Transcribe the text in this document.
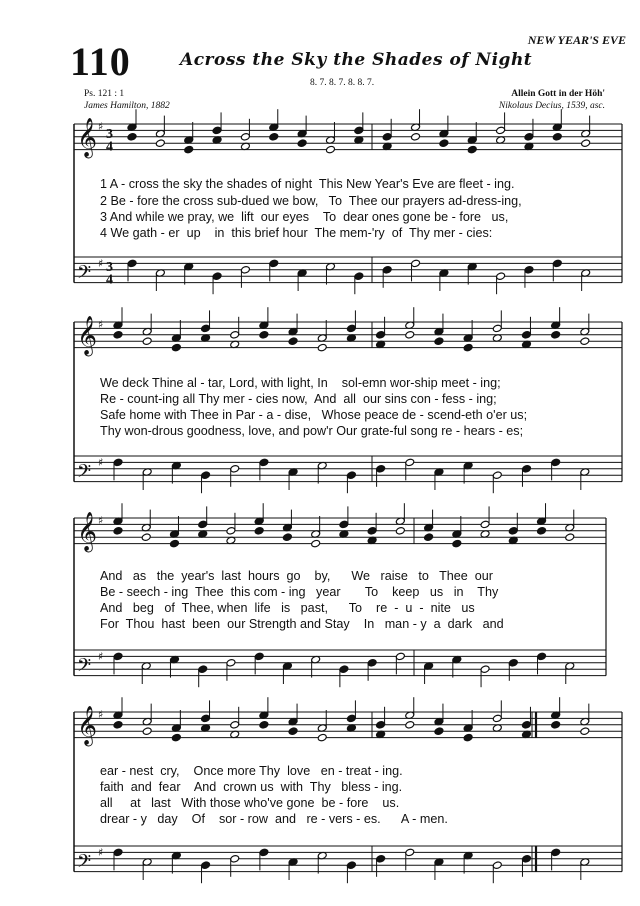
110	NEW YEAR'S EVE
Across the Sky the Shades of Night
8. 7. 8. 7. 8. 8. 7.
Ps. 121 : 1
James Hamilton, 1882
Allein Gott in der Höh'
Nikolaus Decius, 1539, asc.
𝄞 ♯
3
4
𝄢 ♯ 3
4
𝄞 ♯
𝄢 ♯
𝄞 ♯
𝄢 ♯
𝄞 ♯
𝄢 ♯
1 A - cross the sky the shades of night  This New Year's Eve are fleet - ing.
2 Be - fore the cross sub-dued we bow,   To  Thee our prayers ad-dress-ing,
3 And while we pray, we  lift  our eyes    To  dear ones gone be - fore   us,
4 We gath - er  up    in  this brief hour  The mem-'ry  of  Thy mer - cies:
We deck Thine al - tar, Lord, with light, In    sol-emn wor-ship meet - ing;
Re - count-ing all Thy mer - cies now,  And  all  our sins con - fess - ing;
Safe home with Thee in Par - a - dise,   Whose peace de - scend-eth o'er us;
Thy won-drous goodness, love, and pow'r Our grate-ful song re - hears - es;
And   as   the  year's  last  hours  go    by,      We   raise   to   Thee  our
Be - seech - ing  Thee  this com - ing   year       To    keep   us   in    Thy
And   beg   of  Thee, when  life   is   past,      To    re  -  u  -  nite   us
For  Thou  hast  been  our Strength and Stay    In   man - y  a  dark   and
ear - nest  cry,    Once more Thy  love   en - treat - ing.
faith  and  fear    And  crown us  with  Thy   bless - ing.
all     at   last   With those who've gone  be - fore    us.
drear - y   day    Of    sor - row  and   re - vers - es.      A - men.
